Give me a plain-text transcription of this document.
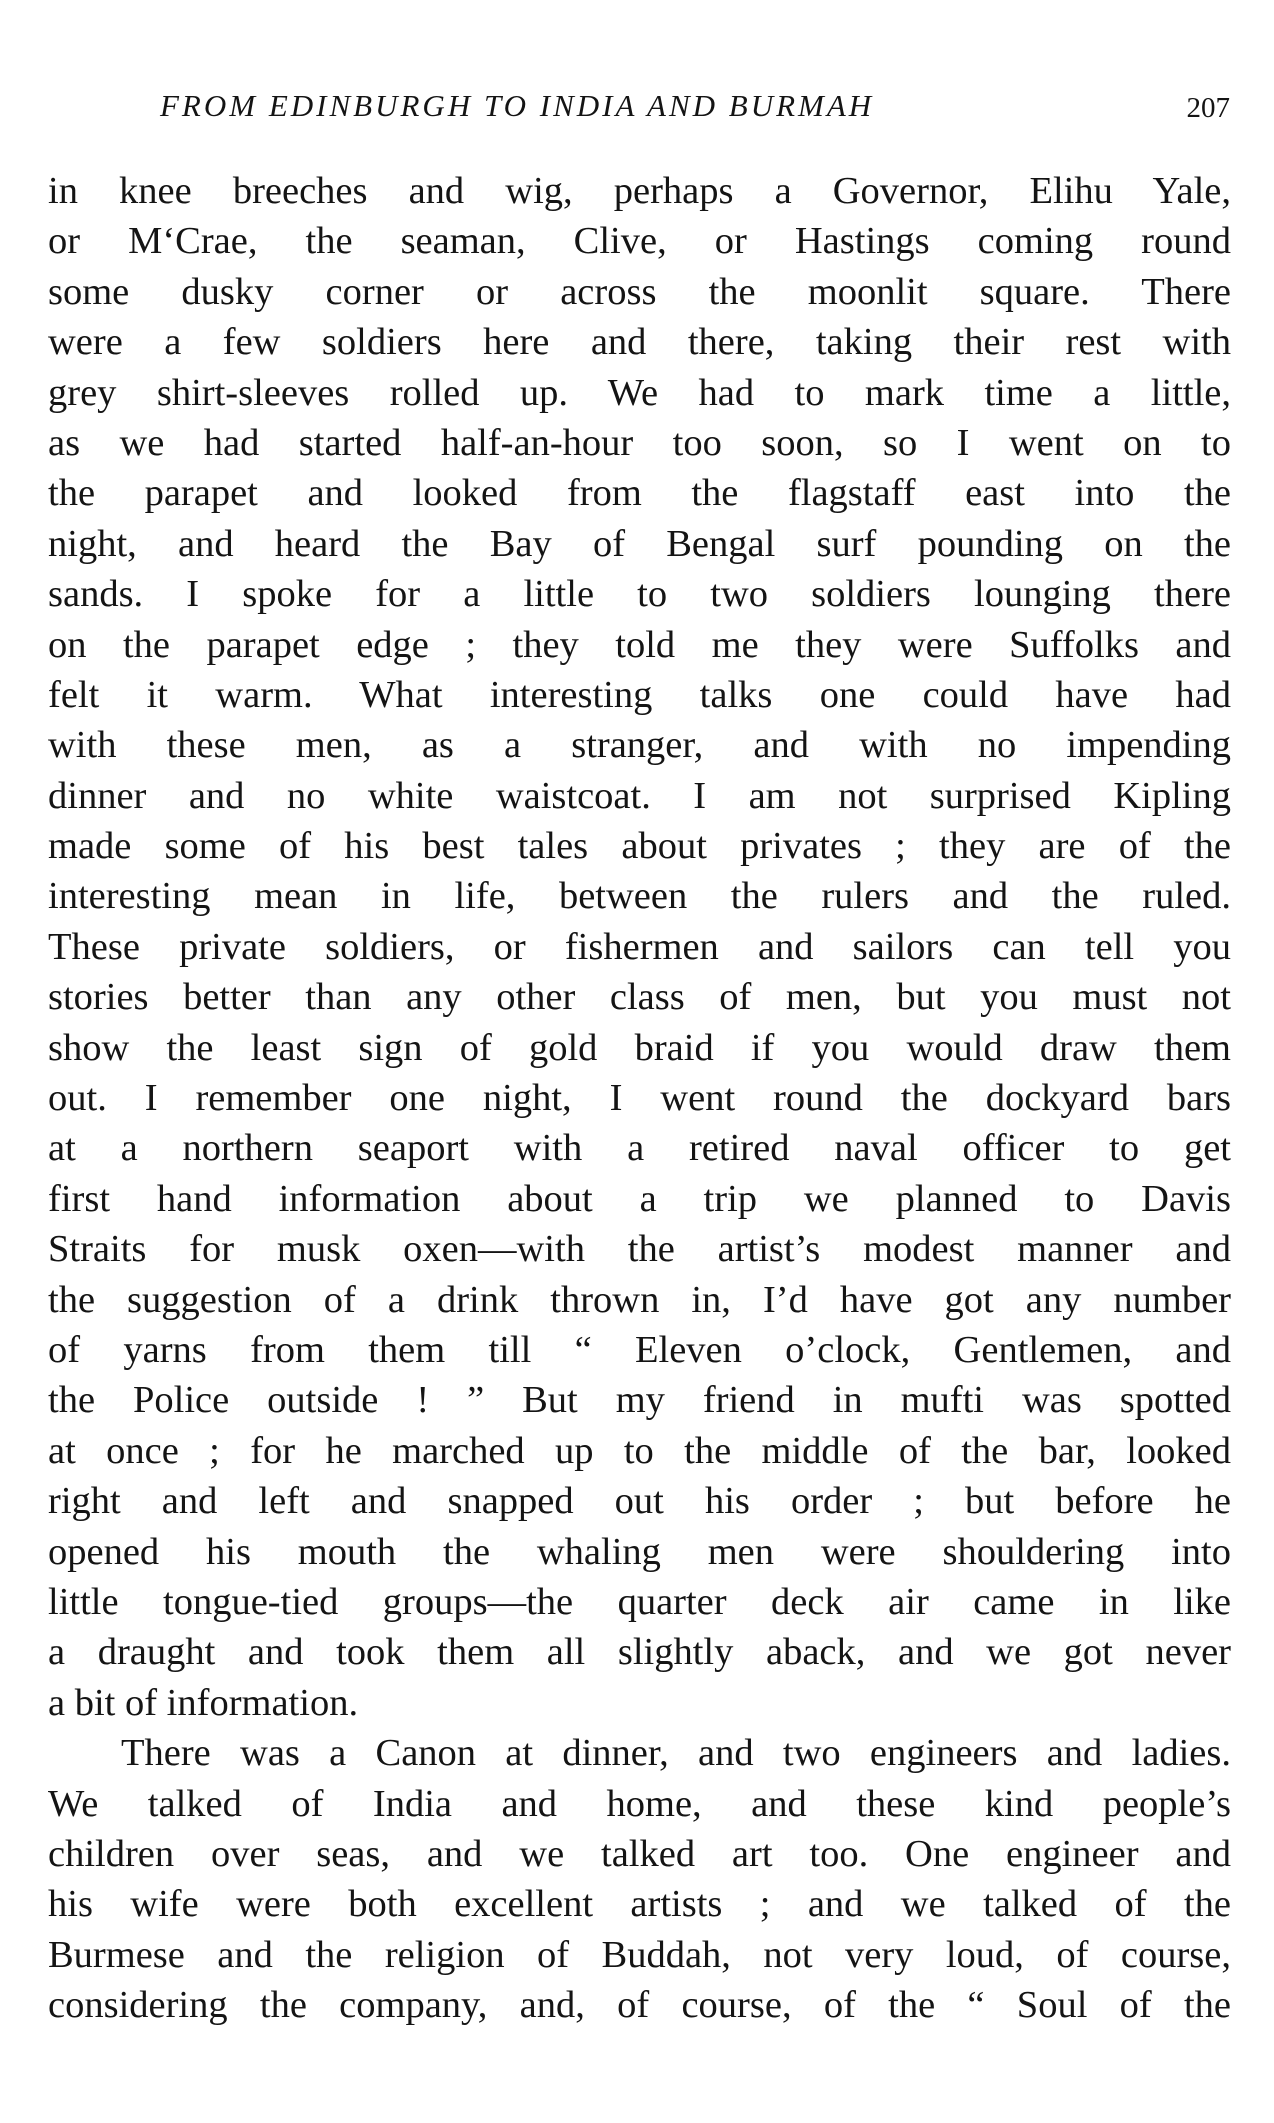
FROM EDINBURGH TO INDIA AND BURMAH	207
in knee breeches and wig, perhaps a Governor, Elihu Yale,
or M‘Crae, the seaman, Clive, or Hastings coming round
some dusky corner or across the moonlit square. There
were a few soldiers here and there, taking their rest with
grey shirt-sleeves rolled up. We had to mark time a little,
as we had started half-an-hour too soon, so I went on to
the parapet and looked from the flagstaff east into the
night, and heard the Bay of Bengal surf pounding on the
sands. I spoke for a little to two soldiers lounging there
on the parapet edge ; they told me they were Suffolks and
felt it warm. What interesting talks one could have had
with these men, as a stranger, and with no impending
dinner and no white waistcoat. I am not surprised Kipling
made some of his best tales about privates ; they are of the
interesting mean in life, between the rulers and the ruled.
These private soldiers, or fishermen and sailors can tell you
stories better than any other class of men, but you must not
show the least sign of gold braid if you would draw them
out. I remember one night, I went round the dockyard bars
at a northern seaport with a retired naval officer to get
first hand information about a trip we planned to Davis
Straits for musk oxen—with the artist’s modest manner and
the suggestion of a drink thrown in, I’d have got any number
of yarns from them till “ Eleven o’clock, Gentlemen, and
the Police outside ! ” But my friend in mufti was spotted
at once ; for he marched up to the middle of the bar, looked
right and left and snapped out his order ; but before he
opened his mouth the whaling men were shouldering into
little tongue-tied groups—the quarter deck air came in like
a draught and took them all slightly aback, and we got never
a bit of information.
There was a Canon at dinner, and two engineers and ladies.
We talked of India and home, and these kind people’s
children over seas, and we talked art too. One engineer and
his wife were both excellent artists ; and we talked of the
Burmese and the religion of Buddah, not very loud, of course,
considering the company, and, of course, of the “ Soul of the
